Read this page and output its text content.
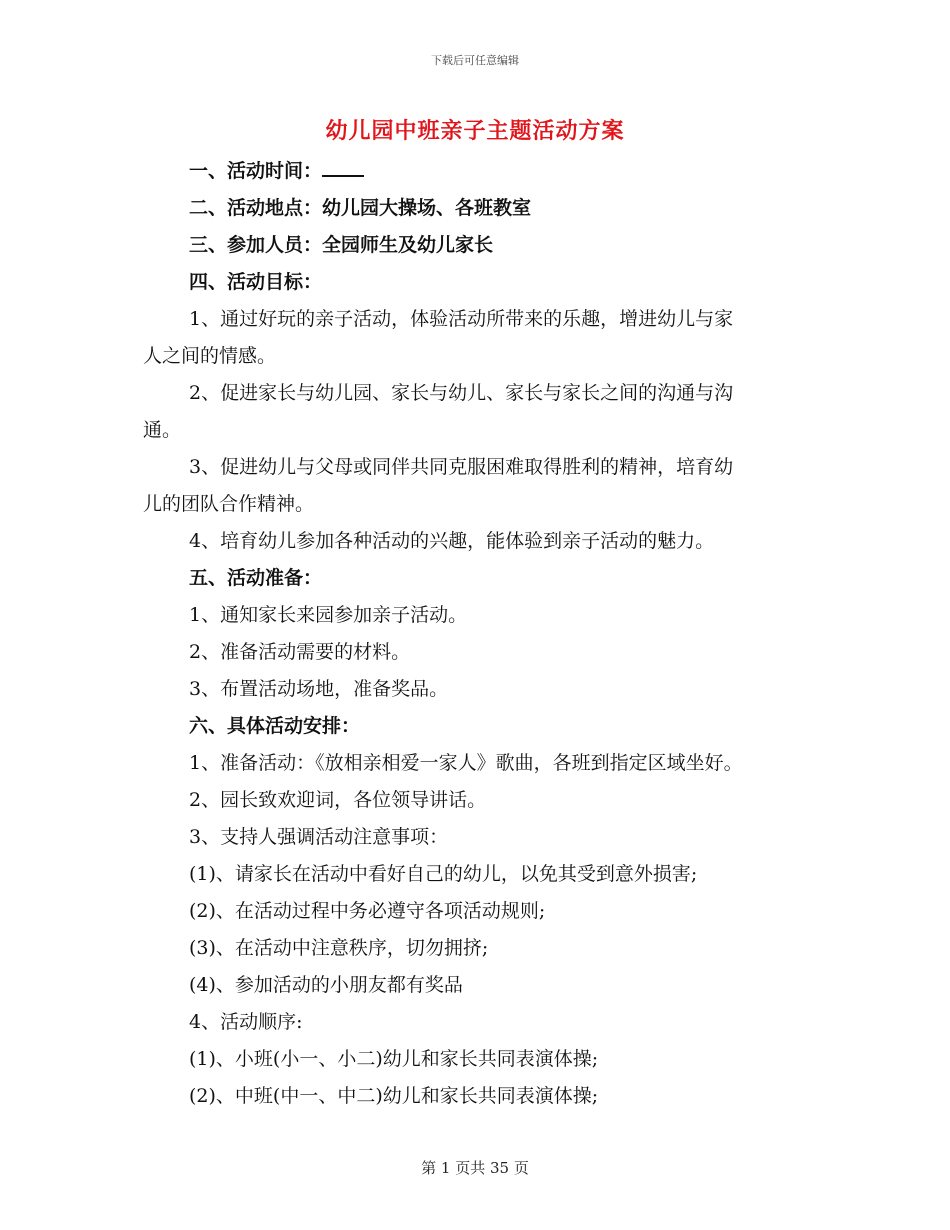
下载后可任意编辑
幼儿园中班亲子主题活动方案
一、活动时间：
二、活动地点：幼儿园大操场、各班教室
三、参加人员：全园师生及幼儿家长
四、活动目标：
1、通过好玩的亲子活动，体验活动所带来的乐趣，增进幼儿与家
人之间的情感。
2、促进家长与幼儿园、家长与幼儿、家长与家长之间的沟通与沟
通。
3、促进幼儿与父母或同伴共同克服困难取得胜利的精神，培育幼
儿的团队合作精神。
4、培育幼儿参加各种活动的兴趣，能体验到亲子活动的魅力。
五、活动准备：
1、通知家长来园参加亲子活动。
2、准备活动需要的材料。
3、布置活动场地，准备奖品。
六、具体活动安排：
1、准备活动：《放相亲相爱一家人》歌曲，各班到指定区域坐好。
2、园长致欢迎词，各位领导讲话。
3、支持人强调活动注意事项：
(1)、请家长在活动中看好自己的幼儿，以免其受到意外损害;
(2)、在活动过程中务必遵守各项活动规则;
(3)、在活动中注意秩序，切勿拥挤;
(4)、参加活动的小朋友都有奖品
4、活动顺序:
(1)、小班(小一、小二)幼儿和家长共同表演体操;
(2)、中班(中一、中二)幼儿和家长共同表演体操;
第 1 页共 35 页
